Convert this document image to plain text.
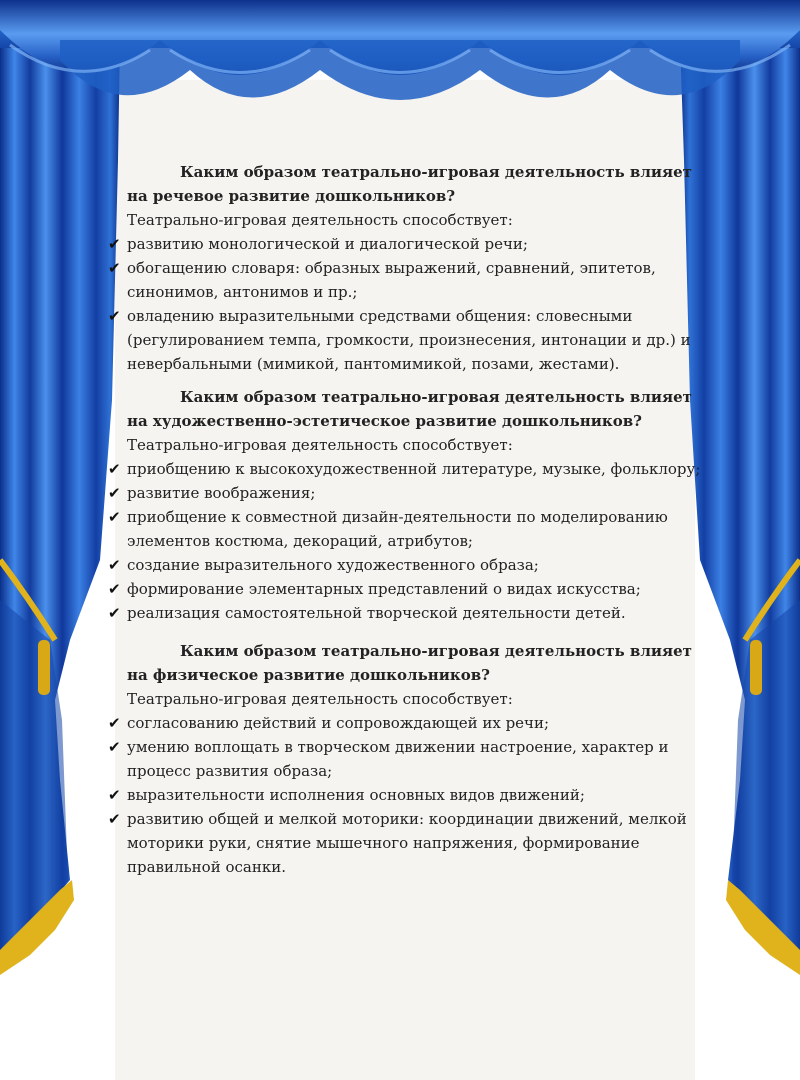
Каким образом театрально-игровая деятельность влияет на речевое развитие дошкольников?

Театрально-игровая деятельность способствует:

✔ развитию монологической и диалогической речи;
✔ обогащению словаря: образных выражений, сравнений, эпитетов, синонимов, антонимов и пр.;
✔ овладению выразительными средствами общения: словесными (регулированием темпа, громкости, произнесения, интонации и др.) и невербальными (мимикой, пантомимикой, позами, жестами).

Каким образом театрально-игровая деятельность влияет на художественно-эстетическое развитие дошкольников?

Театрально-игровая деятельность способствует:

✔ приобщению к высокохудожественной литературе, музыке, фольклору;
✔ развитие воображения;
✔ приобщение к совместной дизайн-деятельности по моделированию элементов костюма, декораций, атрибутов;
✔ создание выразительного художественного образа;
✔ формирование элементарных представлений о видах искусства;
✔ реализация самостоятельной творческой деятельности детей.

Каким образом театрально-игровая деятельность влияет на физическое развитие дошкольников?

Театрально-игровая деятельность способствует:

✔ согласованию действий и сопровождающей их речи;
✔ умению воплощать в творческом движении настроение, характер и процесс развития образа;
✔ выразительности исполнения основных видов движений;
✔ развитию общей и мелкой моторики: координации движений, мелкой моторики руки, снятие мышечного напряжения, формирование правильной осанки.
